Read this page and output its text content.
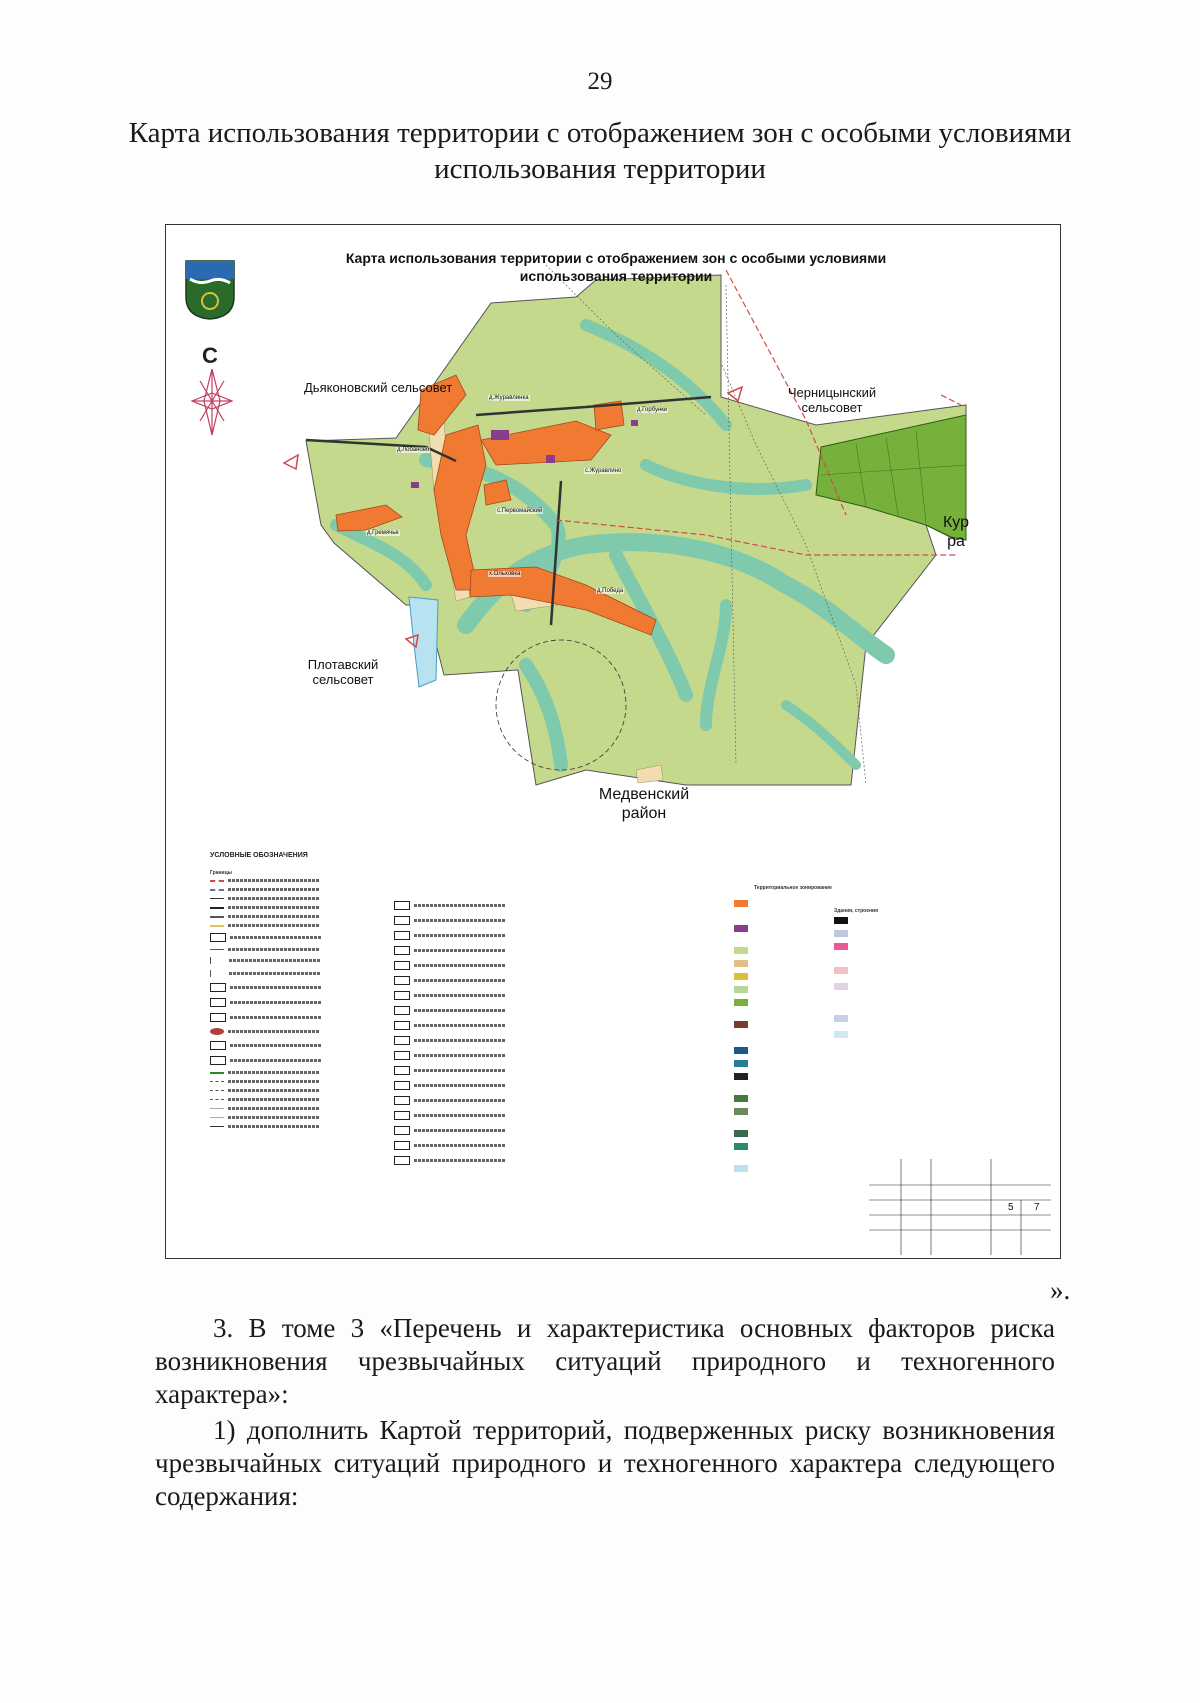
29
Карта использования территории с отображением зон с особыми условиями использования территории
Карта использования территории с отображением зон с особыми условиями использования территории
С
Дьяконовский сельсовет	Черницынский сельсовет
Плотавский сельсовет
Медвенский район
Кур ра
д.Журавлинка
д.Горбунки
д.Лобаново
с.Журавлино
с.Первомайский
д.Гремячье
х.Ольховка
д.Победа
УСЛОВНЫЕ ОБОЗНАЧЕНИЯ
Границы
Территориальное зонирование
Здания, строения
5 7
».
3. В томе 3 «Перечень и характеристика основных факторов риска возникновения чрезвычайных ситуаций природного и техногенного характера»:
1) дополнить Картой территорий, подверженных риску возникновения чрезвычайных ситуаций природного и техногенного характера следующего содержания:
